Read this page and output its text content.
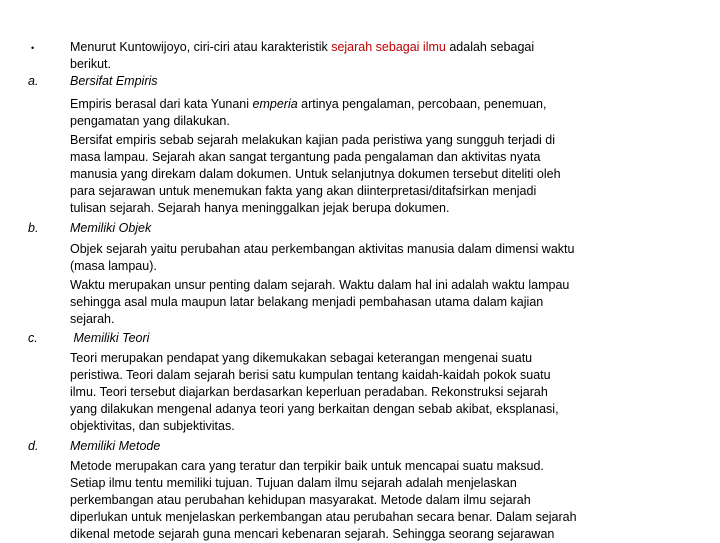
•	Menurut Kuntowijoyo, ciri-ciri atau karakteristik sejarah sebagai ilmu adalah sebagai
berikut.
a.	Bersifat Empiris
Empiris berasal dari kata Yunani emperia artinya pengalaman, percobaan, penemuan,
pengamatan yang dilakukan.
Bersifat empiris sebab sejarah melakukan kajian pada peristiwa yang sungguh terjadi di
masa lampau. Sejarah akan sangat tergantung pada pengalaman dan aktivitas nyata
manusia yang direkam dalam dokumen. Untuk selanjutnya dokumen tersebut diteliti oleh
para sejarawan untuk menemukan fakta yang akan diinterpretasi/ditafsirkan menjadi
tulisan sejarah. Sejarah hanya meninggalkan jejak berupa dokumen.
b.	Memiliki Objek
Objek sejarah yaitu perubahan atau perkembangan aktivitas manusia dalam dimensi waktu
(masa lampau).
Waktu merupakan unsur penting dalam sejarah. Waktu dalam hal ini adalah waktu lampau
sehingga asal mula maupun latar belakang menjadi pembahasan utama dalam kajian
sejarah.
c.	Memiliki Teori
Teori merupakan pendapat yang dikemukakan sebagai keterangan mengenai suatu
peristiwa. Teori dalam sejarah berisi satu kumpulan tentang kaidah-kaidah pokok suatu
ilmu. Teori tersebut diajarkan berdasarkan keperluan peradaban. Rekonstruksi sejarah
yang dilakukan mengenal adanya teori yang berkaitan dengan sebab akibat, eksplanasi,
objektivitas, dan subjektivitas.
d.	Memiliki Metode
Metode merupakan cara yang teratur dan terpikir baik untuk mencapai suatu maksud.
Setiap ilmu tentu memiliki tujuan. Tujuan dalam ilmu sejarah adalah menjelaskan
perkembangan atau perubahan kehidupan masyarakat. Metode dalam ilmu sejarah
diperlukan untuk menjelaskan perkembangan atau perubahan secara benar. Dalam sejarah
dikenal metode sejarah guna mencari kebenaran sejarah. Sehingga seorang sejarawan
